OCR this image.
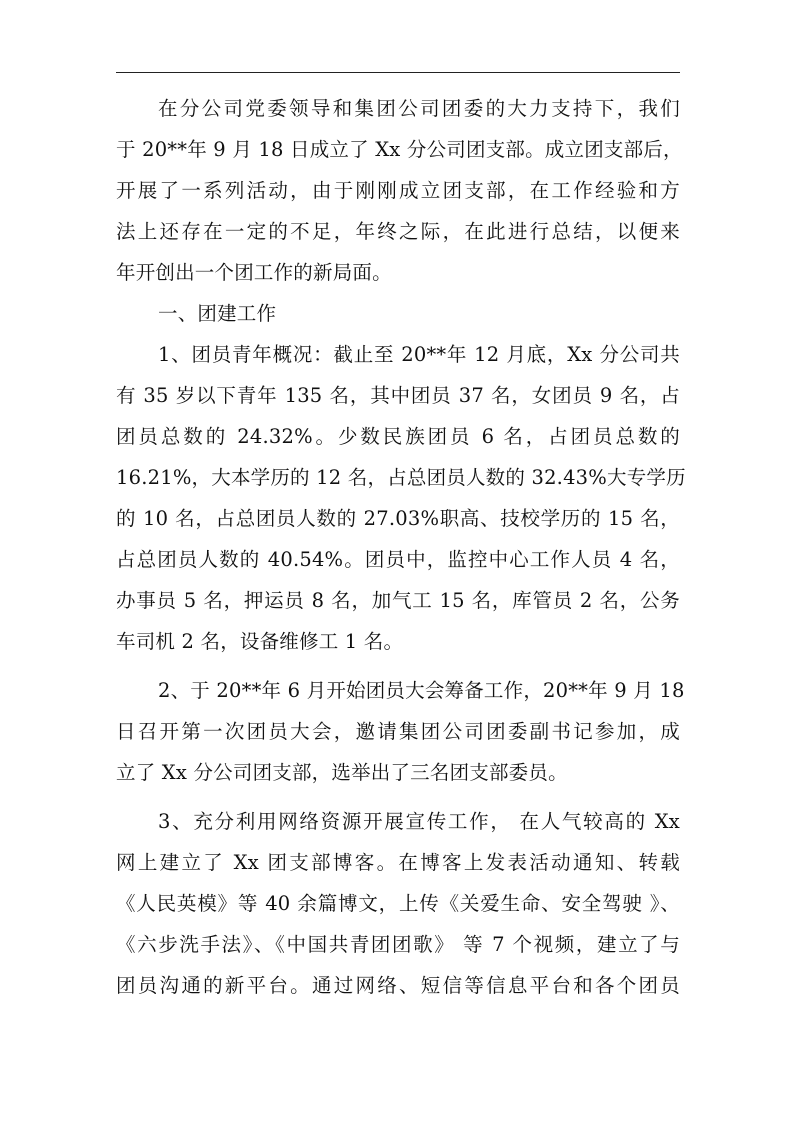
在分公司党委领导和集团公司团委的大力支持下，我们
于 20**年 9 月 18 日成立了 Xx 分公司团支部。成立团支部后，
开展了一系列活动，由于刚刚成立团支部，在工作经验和方
法上还存在一定的不足，年终之际，在此进行总结，以便来
年开创出一个团工作的新局面。
一、团建工作
1、团员青年概况：截止至 20**年 12 月底，Xx 分公司共
有 35 岁以下青年 135 名，其中团员 37 名，女团员 9 名，占
团员总数的 24.32%。少数民族团员 6 名，占团员总数的
16.21%，大本学历的 12 名，占总团员人数的 32.43%大专学历
的 10 名，占总团员人数的 27.03%职高、技校学历的 15 名，
占总团员人数的 40.54%。团员中，监控中心工作人员 4 名，
办事员 5 名，押运员 8 名，加气工 15 名，库管员 2 名，公务
车司机 2 名，设备维修工 1 名。
2、于 20**年 6 月开始团员大会筹备工作，20**年 9 月 18
日召开第一次团员大会，邀请集团公司团委副书记参加，成
立了 Xx 分公司团支部，选举出了三名团支部委员。
3、充分利用网络资源开展宣传工作， 在人气较高的 Xx
网上建立了 Xx 团支部博客。在博客上发表活动通知、转载
《人民英模》等 40 余篇博文，上传《关爱生命、安全驾驶 》、
《六步洗手法》、《中国共青团团歌》 等 7 个视频，建立了与
团员沟通的新平台。通过网络、短信等信息平台和各个团员
